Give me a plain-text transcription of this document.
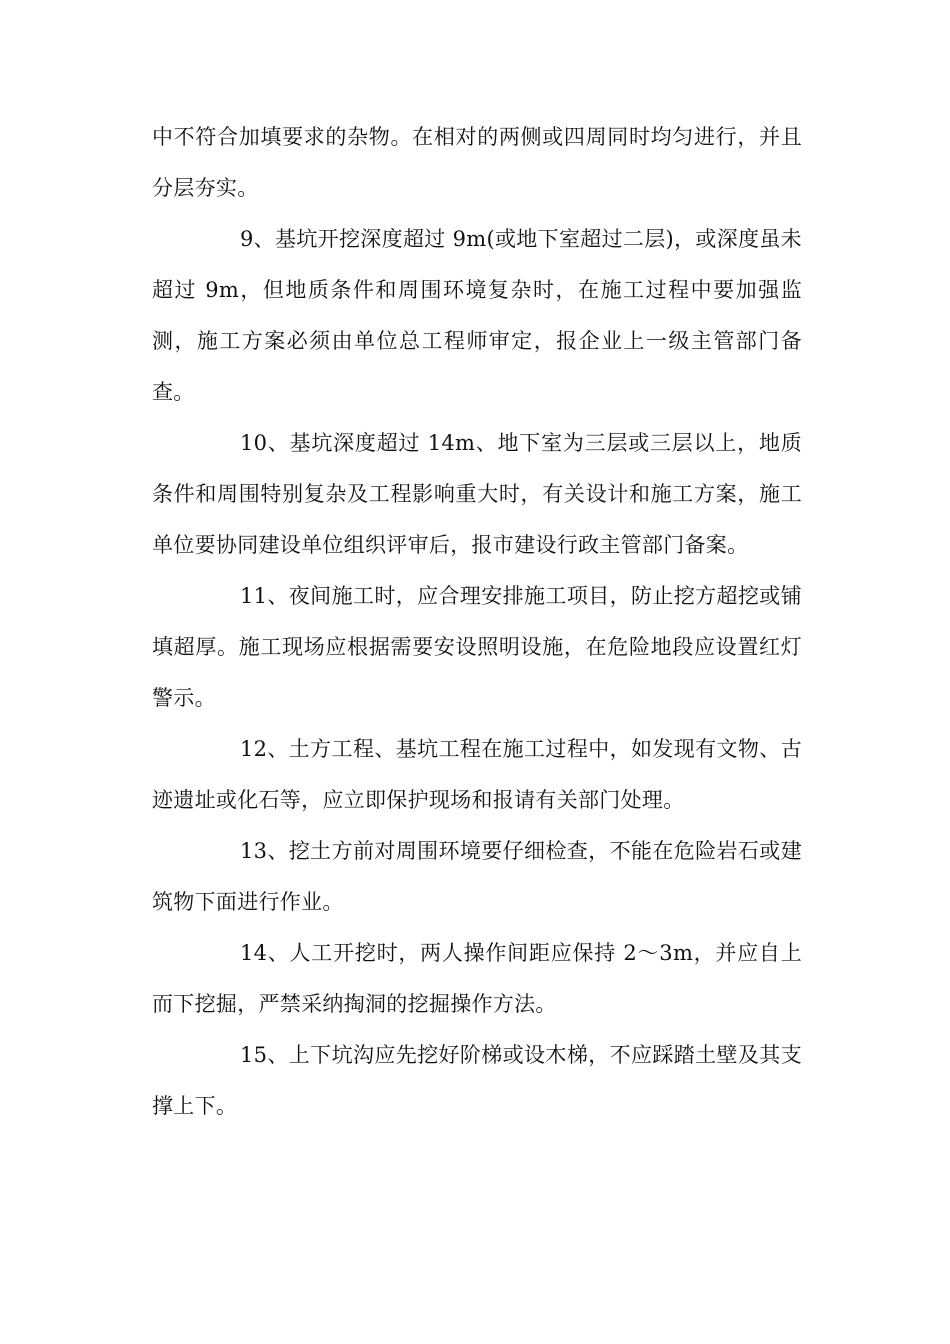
中不符合加填要求的杂物。在相对的两侧或四周同时均匀进行，并且分层夯实。

9、基坑开挖深度超过 9m(或地下室超过二层)，或深度虽未超过 9m，但地质条件和周围环境复杂时，在施工过程中要加强监测，施工方案必须由单位总工程师审定，报企业上一级主管部门备查。

10、基坑深度超过 14m、地下室为三层或三层以上，地质条件和周围特别复杂及工程影响重大时，有关设计和施工方案，施工单位要协同建设单位组织评审后，报市建设行政主管部门备案。

11、夜间施工时，应合理安排施工项目，防止挖方超挖或铺填超厚。施工现场应根据需要安设照明设施，在危险地段应设置红灯警示。

12、土方工程、基坑工程在施工过程中，如发现有文物、古迹遗址或化石等，应立即保护现场和报请有关部门处理。

13、挖土方前对周围环境要仔细检查，不能在危险岩石或建筑物下面进行作业。

14、人工开挖时，两人操作间距应保持 2～3m，并应自上而下挖掘，严禁采纳掏洞的挖掘操作方法。

15、上下坑沟应先挖好阶梯或设木梯，不应踩踏土壁及其支撑上下。
